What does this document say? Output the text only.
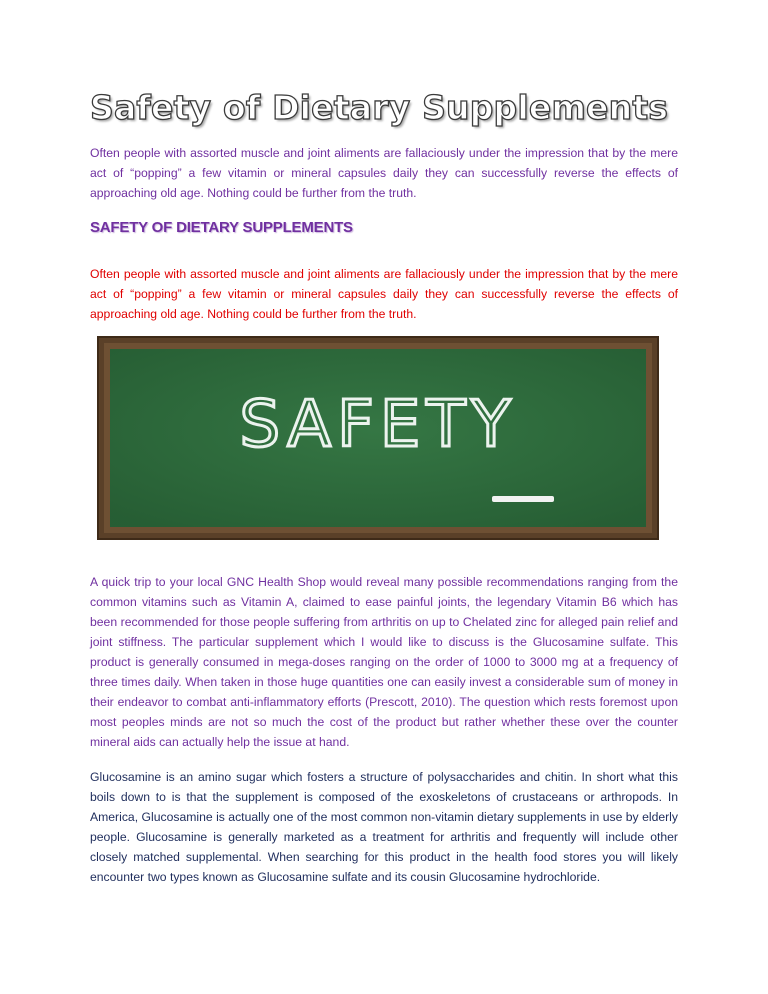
Safety of Dietary Supplements

Often people with assorted muscle and joint aliments are fallaciously under the impression that by the mere act of “popping” a few vitamin or mineral capsules daily they can successfully reverse the effects of approaching old age. Nothing could be further from the truth.

SAFETY OF DIETARY SUPPLEMENTS

Often people with assorted muscle and joint aliments are fallaciously under the impression that by the mere act of “popping” a few vitamin or mineral capsules daily they can successfully reverse the effects of approaching old age. Nothing could be further from the truth.

SAFETY

A quick trip to your local GNC Health Shop would reveal many possible recommendations ranging from the common vitamins such as Vitamin A, claimed to ease painful joints, the legendary Vitamin B6 which has been recommended for those people suffering from arthritis on up to Chelated zinc for alleged pain relief and joint stiffness. The particular supplement which I would like to discuss is the Glucosamine sulfate. This product is generally consumed in mega-doses ranging on the order of 1000 to 3000 mg at a frequency of three times daily. When taken in those huge quantities one can easily invest a considerable sum of money in their endeavor to combat anti-inflammatory efforts (Prescott, 2010). The question which rests foremost upon most peoples minds are not so much the cost of the product but rather whether these over the counter mineral aids can actually help the issue at hand.

Glucosamine is an amino sugar which fosters a structure of polysaccharides and chitin. In short what this boils down to is that the supplement is composed of the exoskeletons of crustaceans or arthropods. In America, Glucosamine is actually one of the most common non-vitamin dietary supplements in use by elderly people. Glucosamine is generally marketed as a treatment for arthritis and frequently will include other closely matched supplemental. When searching for this product in the health food stores you will likely encounter two types known as Glucosamine sulfate and its cousin Glucosamine hydrochloride.
